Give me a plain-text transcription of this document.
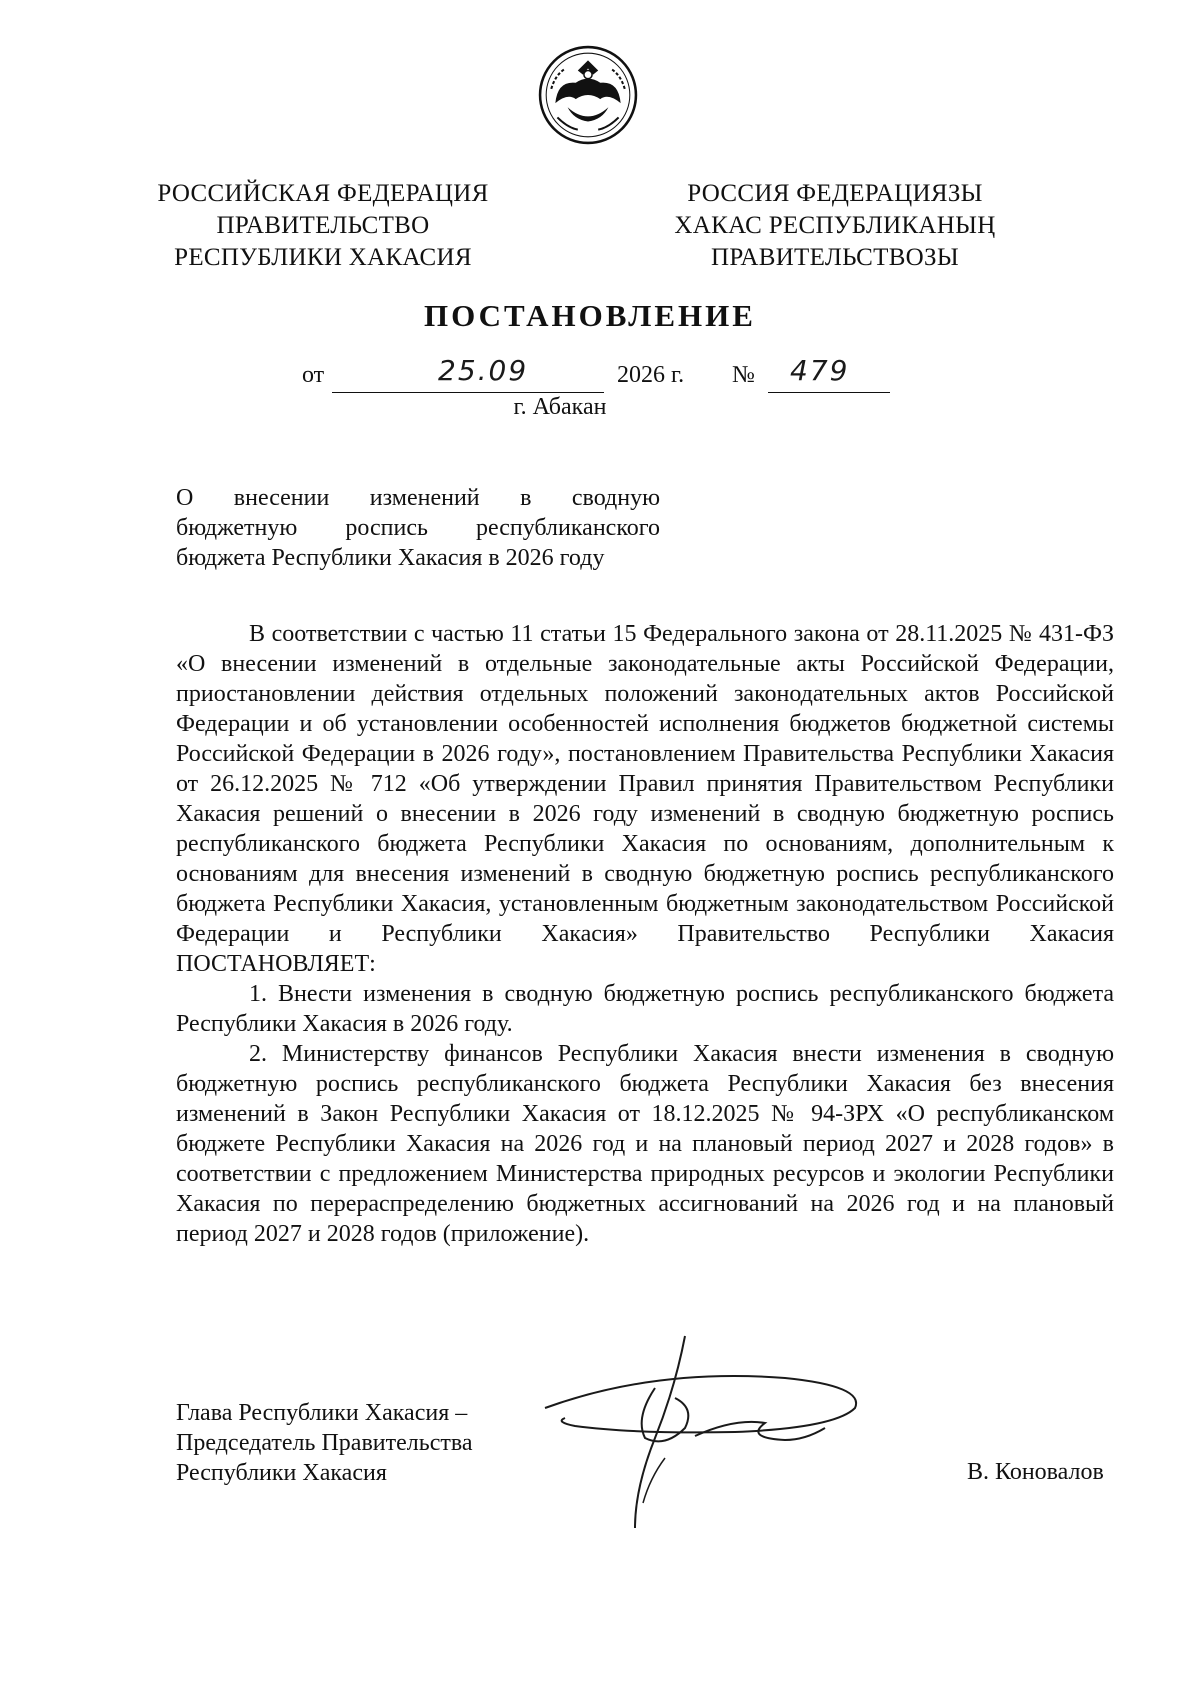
РОССИЙСКАЯ ФЕДЕРАЦИЯ
ПРАВИТЕЛЬСТВО
РЕСПУБЛИКИ ХАКАСИЯ
РОССИЯ ФЕДЕРАЦИЯЗЫ
ХАКАС РЕСПУБЛИКАНЫҢ
ПРАВИТЕЛЬСТВОЗЫ
ПОСТАНОВЛЕНИЕ
от	25.09	2026 г. № 479
г. Абакан
О внесении изменений в сводную
бюджетную роспись республиканского
бюджета Республики Хакасия в 2026 году

В соответствии с частью 11 статьи 15 Федерального закона от 28.11.2025 № 431-ФЗ «О внесении изменений в отдельные законодательные акты Российской Федерации, приостановлении действия отдельных положений законодательных актов Российской Федерации и об установлении особенностей исполнения бюджетов бюджетной системы Российской Федерации в 2026 году», постановлением Правительства Республики Хакасия от 26.12.2025 № 712 «Об утверждении Правил принятия Правительством Республики Хакасия решений о внесении в 2026 году изменений в сводную бюджетную роспись республиканского бюджета Республики Хакасия по основаниям, дополнительным к основаниям для внесения изменений в сводную бюджетную роспись республиканского бюджета Республики Хакасия, установленным бюджетным законодательством Российской Федерации и Республики Хакасия» Правительство Республики Хакасия ПОСТАНОВЛЯЕТ:

1. Внести изменения в сводную бюджетную роспись республиканского бюджета Республики Хакасия в 2026 году.

2. Министерству финансов Республики Хакасия внести изменения в сводную бюджетную роспись республиканского бюджета Республики Хакасия без внесения изменений в Закон Республики Хакасия от 18.12.2025 № 94-ЗРХ «О республиканском бюджете Республики Хакасия на 2026 год и на плановый период 2027 и 2028 годов» в соответствии с предложением Министерства природных ресурсов и экологии Республики Хакасия по перераспределению бюджетных ассигнований на 2026 год и на плановый период 2027 и 2028 годов (приложение).

Глава Республики Хакасия –
Председатель Правительства
Республики Хакасия	В. Коновалов
